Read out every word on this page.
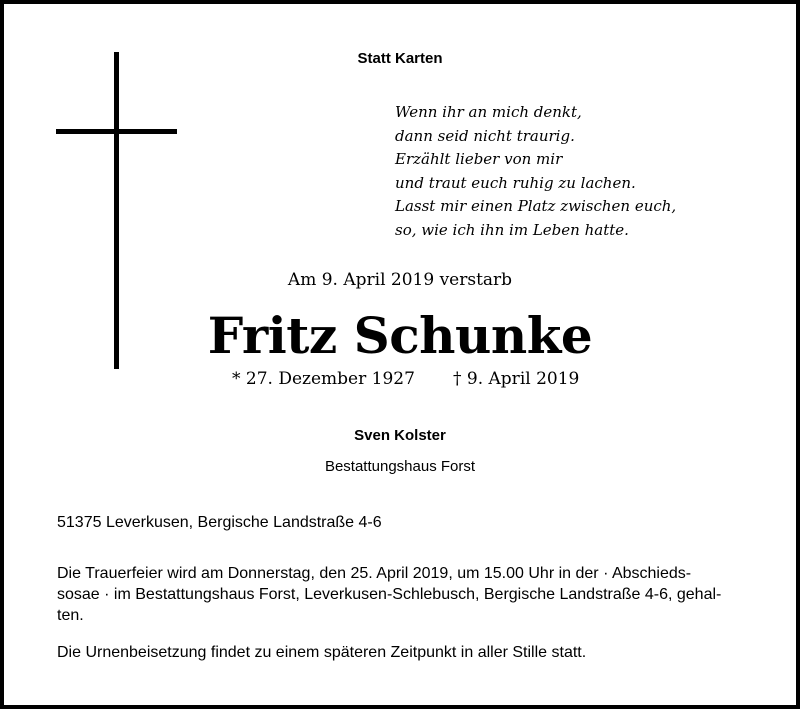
Statt Karten
Wenn ihr an mich denkt,
dann seid nicht traurig.
Erzählt lieber von mir
und traut euch ruhig zu lachen.
Lasst mir einen Platz zwischen euch,
so, wie ich ihn im Leben hatte.
Am 9. April 2019 verstarb
Fritz Schunke
* 27. Dezember 1927 † 9. April 2019
Sven Kolster
Bestattungshaus Forst
51375 Leverkusen, Bergische Landstraße 4-6
Die Trauerfeier wird am Donnerstag, den 25. April 2019, um 15.00 Uhr in der · Abschieds-
sosae · im Bestattungshaus Forst, Leverkusen-Schlebusch, Bergische Landstraße 4-6, gehal-
ten.
Die Urnenbeisetzung findet zu einem späteren Zeitpunkt in aller Stille statt.
